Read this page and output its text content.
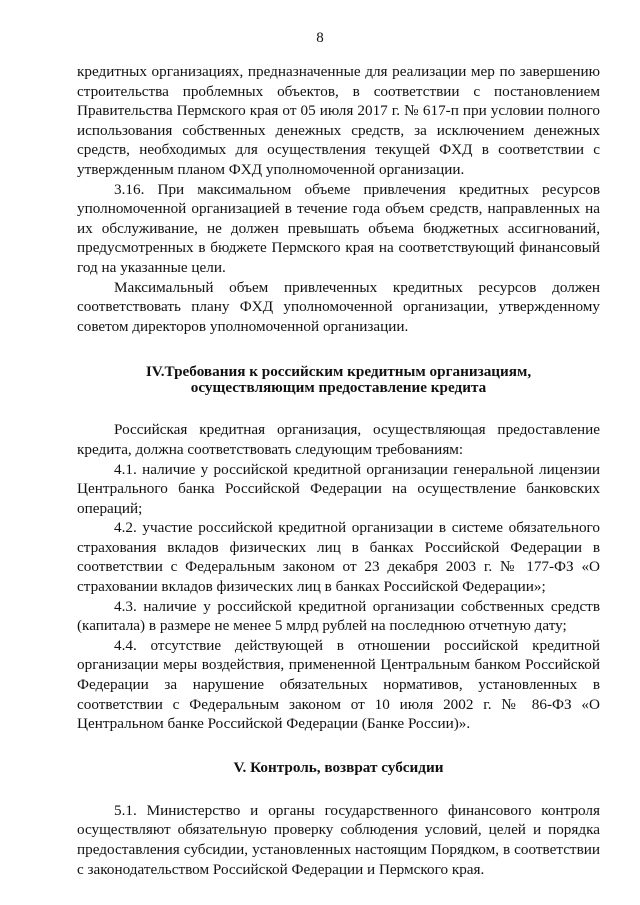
8

кредитных организациях, предназначенные для реализации мер по завершению строительства проблемных объектов, в соответствии с постановлением Правительства Пермского края от 05 июля 2017 г. № 617-п при условии полного использования собственных денежных средств, за исключением денежных средств, необходимых для осуществления текущей ФХД в соответствии с утвержденным планом ФХД уполномоченной организации.

3.16. При максимальном объеме привлечения кредитных ресурсов уполномоченной организацией в течение года объем средств, направленных на их обслуживание, не должен превышать объема бюджетных ассигнований, предусмотренных в бюджете Пермского края на соответствующий финансовый год на указанные цели.

Максимальный объем привлеченных кредитных ресурсов должен соответствовать плану ФХД уполномоченной организации, утвержденному советом директоров уполномоченной организации.

IV.Требования к российским кредитным организациям,
осуществляющим предоставление кредита

Российская кредитная организация, осуществляющая предоставление кредита, должна соответствовать следующим требованиям:

4.1. наличие у российской кредитной организации генеральной лицензии Центрального банка Российской Федерации на осуществление банковских операций;

4.2. участие российской кредитной организации в системе обязательного страхования вкладов физических лиц в банках Российской Федерации в соответствии с Федеральным законом от 23 декабря 2003 г. № 177-ФЗ «О страховании вкладов физических лиц в банках Российской Федерации»;

4.3. наличие у российской кредитной организации собственных средств (капитала) в размере не менее 5 млрд рублей на последнюю отчетную дату;

4.4. отсутствие действующей в отношении российской кредитной организации меры воздействия, примененной Центральным банком Российской Федерации за нарушение обязательных нормативов, установленных в соответствии с Федеральным законом от 10 июля 2002 г. № 86-ФЗ «О Центральном банке Российской Федерации (Банке России)».

V. Контроль, возврат субсидии

5.1. Министерство и органы государственного финансового контроля осуществляют обязательную проверку соблюдения условий, целей и порядка предоставления субсидии, установленных настоящим Порядком, в соответствии с законодательством Российской Федерации и Пермского края.
